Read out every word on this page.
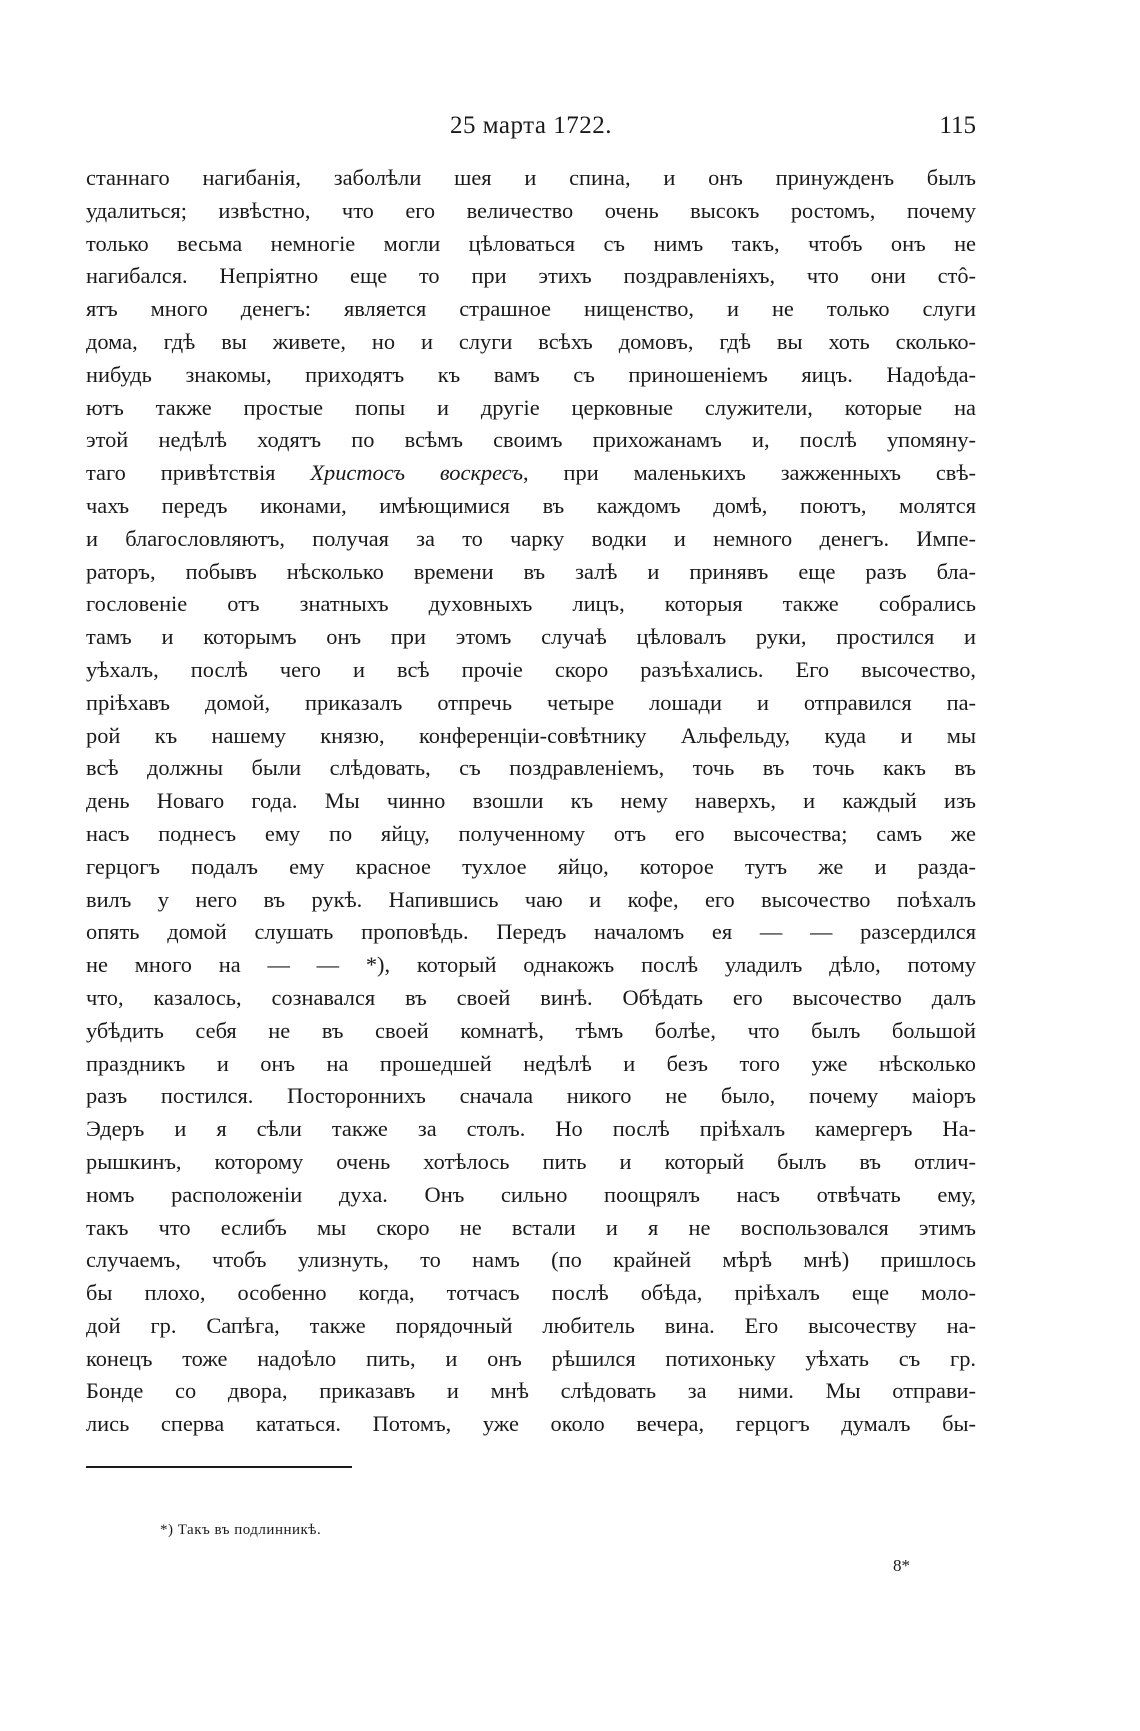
25 марта 1722.	115
станнаго нагибанія, заболѣли шея и спина, и онъ принужденъ былъ
удалиться; извѣстно, что его величество очень высокъ ростомъ, почему
только весьма немногіе могли цѣловаться съ нимъ такъ, чтобъ онъ не
нагибался. Непріятно еще то при этихъ поздравленіяхъ, что они стô-
ятъ много денегъ: является страшное нищенство, и не только слуги
дома, гдѣ вы живете, но и слуги всѣхъ домовъ, гдѣ вы хоть сколько-
нибудь знакомы, приходятъ къ вамъ съ приношеніемъ яицъ. Надоѣда-
ютъ также простые попы и другіе церковные служители, которые на
этой недѣлѣ ходятъ по всѣмъ своимъ прихожанамъ и, послѣ упомяну-
таго привѣтствія Христосъ воскресъ, при маленькихъ зажженныхъ свѣ-
чахъ передъ иконами, имѣющимися въ каждомъ домѣ, поютъ, молятся
и благословляютъ, получая за то чарку водки и немного денегъ. Импе-
раторъ, побывъ нѣсколько времени въ залѣ и принявъ еще разъ бла-
гословеніе отъ знатныхъ духовныхъ лицъ, которыя также собрались
тамъ и которымъ онъ при этомъ случаѣ цѣловалъ руки, простился и
уѣхалъ, послѣ чего и всѣ прочіе скоро разъѣхались. Его высочество,
пріѣхавъ домой, приказалъ отпречь четыре лошади и отправился па-
рой къ нашему князю, конференціи-совѣтнику Альфельду, куда и мы
всѣ должны были слѣдовать, съ поздравленіемъ, точь въ точь какъ въ
день Новаго года. Мы чинно взошли къ нему наверхъ, и каждый изъ
насъ поднесъ ему по яйцу, полученному отъ его высочества; самъ же
герцогъ подалъ ему красное тухлое яйцо, которое тутъ же и разда-
вилъ у него въ рукѣ. Напившись чаю и кофе, его высочество поѣхалъ
опять домой слушать проповѣдь. Передъ началомъ ея — — разсердился
не много на — — *), который однакожъ послѣ уладилъ дѣло, потому
что, казалось, сознавался въ своей винѣ. Обѣдать его высочество далъ
убѣдить себя не въ своей комнатѣ, тѣмъ болѣе, что былъ большой
праздникъ и онъ на прошедшей недѣлѣ и безъ того уже нѣсколько
разъ постился. Постороннихъ сначала никого не было, почему маіоръ
Эдеръ и я сѣли также за столъ. Но послѣ пріѣхалъ камергеръ На-
рышкинъ, которому очень хотѣлось пить и который былъ въ отлич-
номъ расположеніи духа. Онъ сильно поощрялъ насъ отвѣчать ему,
такъ что еслибъ мы скоро не встали и я не воспользовался этимъ
случаемъ, чтобъ улизнуть, то намъ (по крайней мѣрѣ мнѣ) пришлось
бы плохо, особенно когда, тотчасъ послѣ обѣда, пріѣхалъ еще моло-
дой гр. Сапѣга, также порядочный любитель вина. Его высочеству на-
конецъ тоже надоѣло пить, и онъ рѣшился потихоньку уѣхать съ гр.
Бонде со двора, приказавъ и мнѣ слѣдовать за ними. Мы отправи-
лись сперва кататься. Потомъ, уже около вечера, герцогъ думалъ бы-
*) Такъ въ подлинникѣ.
8*
